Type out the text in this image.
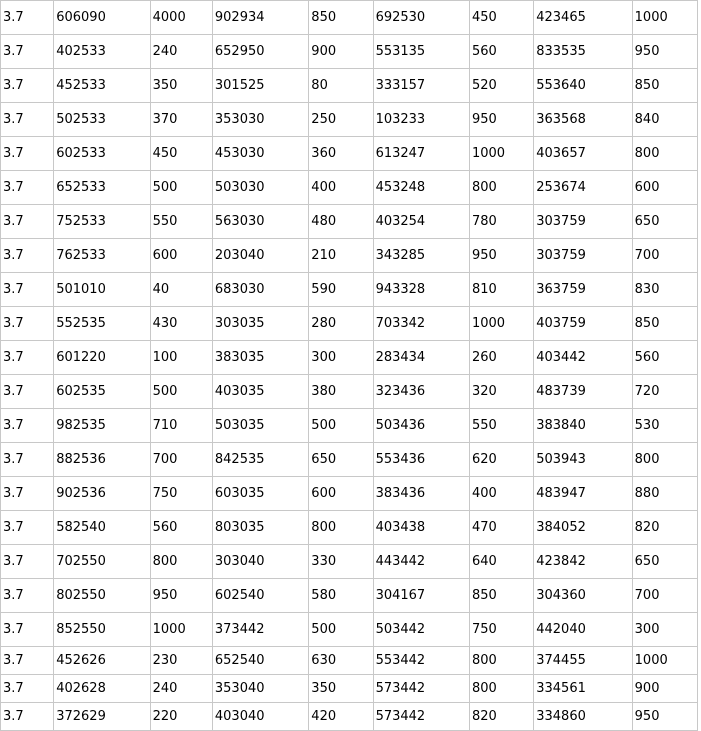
3.7	606090	4000	902934	850	692530	450	423465	1000
3.7	402533	240	652950	900	553135	560	833535	950
3.7	452533	350	301525	80	333157	520	553640	850
3.7	502533	370	353030	250	103233	950	363568	840
3.7	602533	450	453030	360	613247	1000	403657	800
3.7	652533	500	503030	400	453248	800	253674	600
3.7	752533	550	563030	480	403254	780	303759	650
3.7	762533	600	203040	210	343285	950	303759	700
3.7	501010	40	683030	590	943328	810	363759	830
3.7	552535	430	303035	280	703342	1000	403759	850
3.7	601220	100	383035	300	283434	260	403442	560
3.7	602535	500	403035	380	323436	320	483739	720
3.7	982535	710	503035	500	503436	550	383840	530
3.7	882536	700	842535	650	553436	620	503943	800
3.7	902536	750	603035	600	383436	400	483947	880
3.7	582540	560	803035	800	403438	470	384052	820
3.7	702550	800	303040	330	443442	640	423842	650
3.7	802550	950	602540	580	304167	850	304360	700
3.7	852550	1000	373442	500	503442	750	442040	300
3.7	452626	230	652540	630	553442	800	374455	1000
3.7	402628	240	353040	350	573442	800	334561	900
3.7	372629	220	403040	420	573442	820	334860	950
